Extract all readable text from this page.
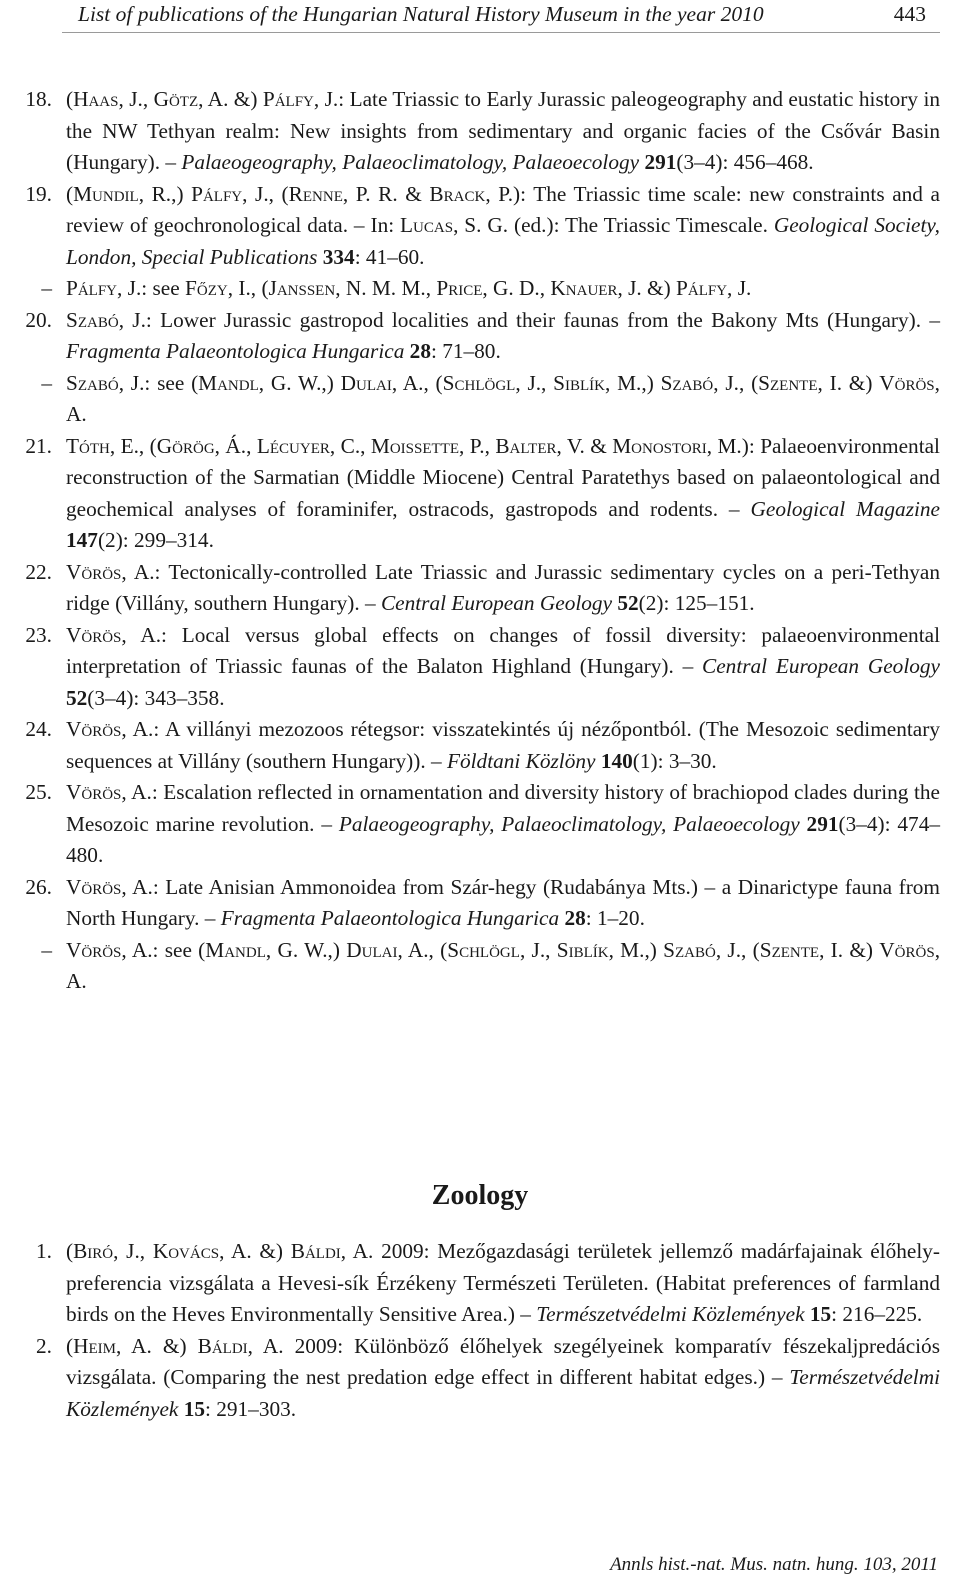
List of publications of the Hungarian Natural History Museum in the year 2010	443
18. (Haas, J., Götz, A. &) Pálfy, J.: Late Triassic to Early Jurassic paleogeography and eustatic history in the NW Tethyan realm: New insights from sedimentary and organic facies of the Csővár Basin (Hungary). – Palaeogeography, Palaeoclimatology, Palaeoecology 291(3–4): 456–468.
19. (Mundil, R.,) Pálfy, J., (Renne, P. R. & Brack, P.): The Triassic time scale: new constraints and a review of geochronological data. – In: Lucas, S. G. (ed.): The Triassic Timescale. Geological Society, London, Special Publications 334: 41–60.
– Pálfy, J.: see Főzy, I., (Janssen, N. M. M., Price, G. D., Knauer, J. &) Pálfy, J.
20. Szabó, J.: Lower Jurassic gastropod localities and their faunas from the Bakony Mts (Hungary). – Fragmenta Palaeontologica Hungarica 28: 71–80.
– Szabó, J.: see (Mandl, G. W.,) Dulai, A., (Schlögl, J., Siblík, M.,) Szabó, J., (Szente, I. &) Vörös, A.
21. Tóth, E., (Görög, Á., Lécuyer, C., Moissette, P., Balter, V. & Monostori, M.): Palaeoenvironmental reconstruction of the Sarmatian (Middle Miocene) Central Paratethys based on palaeontological and geochemical analyses of foraminifer, ostracods, gastropods and rodents. – Geological Magazine 147(2): 299–314.
22. Vörös, A.: Tectonically-controlled Late Triassic and Jurassic sedimentary cycles on a peri-Tethyan ridge (Villány, southern Hungary). – Central European Geology 52(2): 125–151.
23. Vörös, A.: Local versus global effects on changes of fossil diversity: palaeoenvironmental interpretation of Triassic faunas of the Balaton Highland (Hungary). – Central European Geology 52(3–4): 343–358.
24. Vörös, A.: A villányi mezozoos rétegsor: visszatekintés új nézőpontból. (The Mesozoic sedimentary sequences at Villány (southern Hungary)). – Földtani Közlöny 140(1): 3–30.
25. Vörös, A.: Escalation reflected in ornamentation and diversity history of brachiopod clades during the Mesozoic marine revolution. – Palaeogeography, Palaeoclimatology, Palaeoecology 291(3–4): 474–480.
26. Vörös, A.: Late Anisian Ammonoidea from Szár-hegy (Rudabánya Mts.) – a Dinarictype fauna from North Hungary. – Fragmenta Palaeontologica Hungarica 28: 1–20.
– Vörös, A.: see (Mandl, G. W.,) Dulai, A., (Schlögl, J., Siblík, M.,) Szabó, J., (Szente, I. &) Vörös, A.
Zoology
1. (Biró, J., Kovács, A. &) Báldi, A. 2009: Mezőgazdasági területek jellemző madárfajainak élőhely-preferencia vizsgálata a Hevesi-sík Érzékeny Természeti Területen. (Habitat preferences of farmland birds on the Heves Environmentally Sensitive Area.) – Természetvédelmi Közlemények 15: 216–225.
2. (Heim, A. &) Báldi, A. 2009: Különböző élőhelyek szegélyeinek komparatív fészekaljpredációs vizsgálata. (Comparing the nest predation edge effect in different habitat edges.) – Természetvédelmi Közlemények 15: 291–303.
Annls hist.-nat. Mus. natn. hung. 103, 2011
